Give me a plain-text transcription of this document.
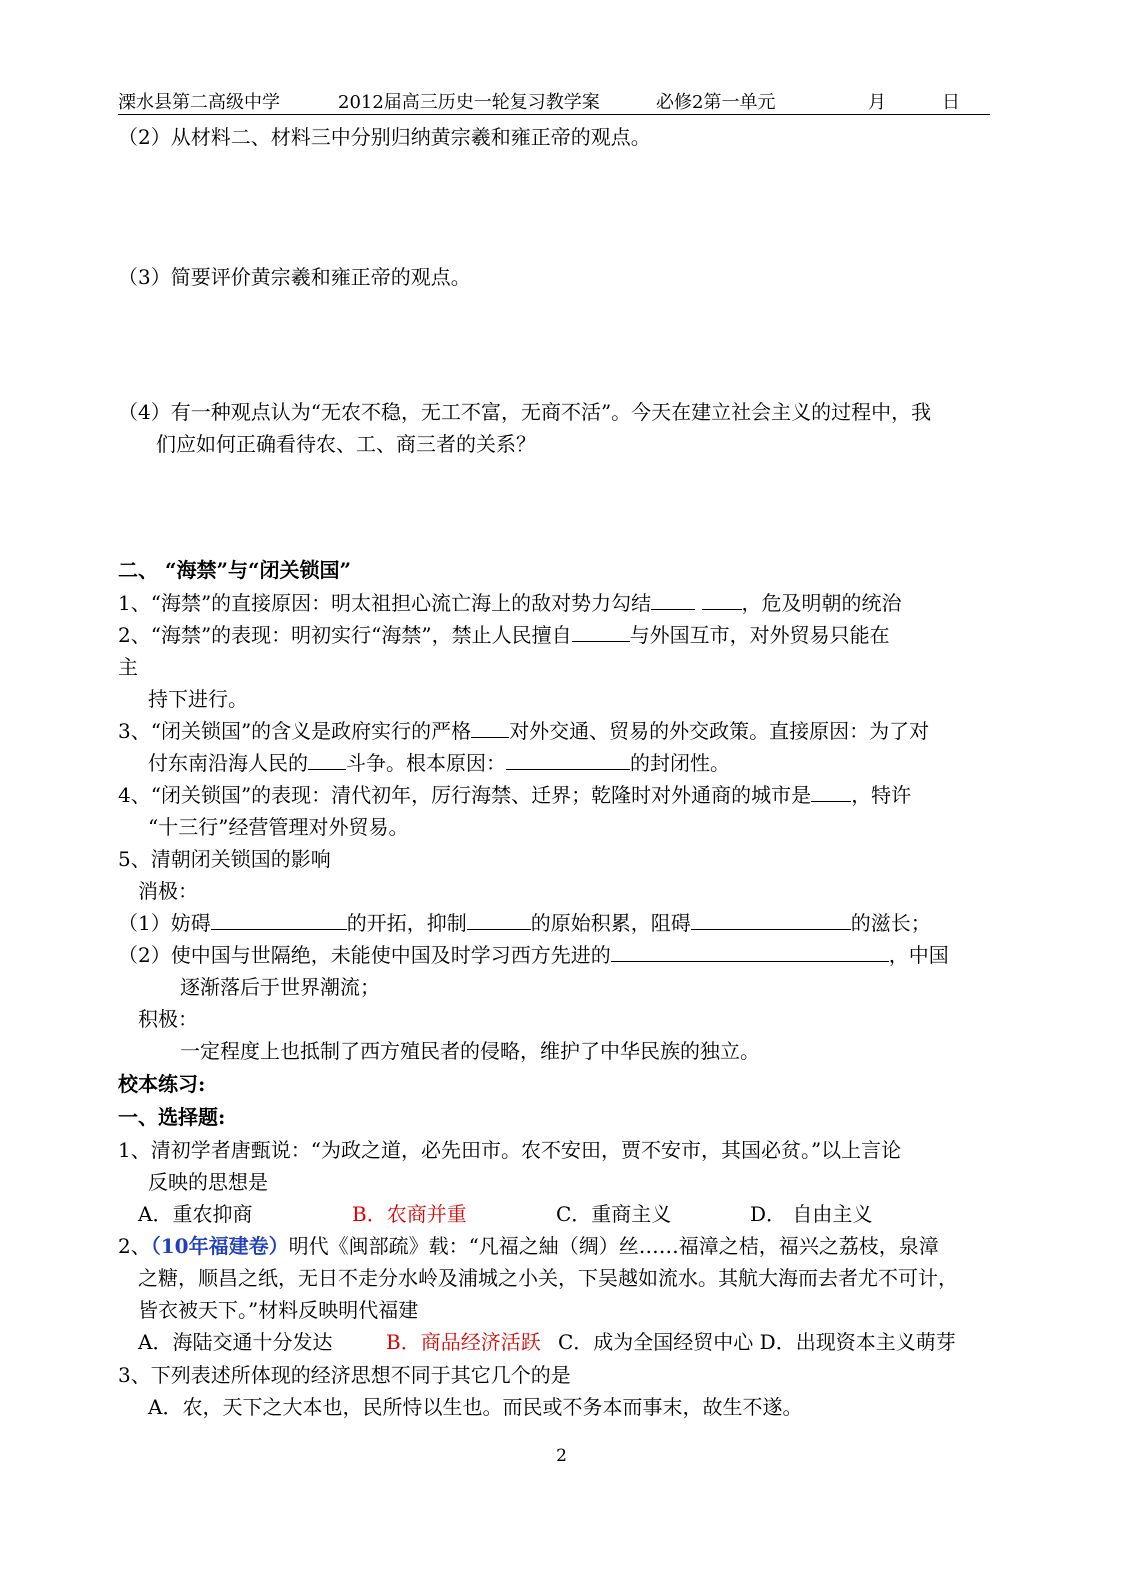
溧水县第二高级中学	2012届高三历史一轮复习教学案	必修2第一单元	月	日
（2）从材料二、材料三中分别归纳黄宗羲和雍正帝的观点。
（3）简要评价黄宗羲和雍正帝的观点。
（4）有一种观点认为“无农不稳，无工不富，无商不活”。今天在建立社会主义的过程中，我
们应如何正确看待农、工、商三者的关系？
二、 “海禁”与“闭关锁国”
1、“海禁”的直接原因：明太祖担心流亡海上的敌对势力勾结	，危及明朝的统治
2、“海禁”的表现：明初实行“海禁”，禁止人民擅自	与外国互市，对外贸易只能在
主
持下进行。
3、“闭关锁国”的含义是政府实行的严格 对外交通、贸易的外交政策。直接原因：为了对
付东南沿海人民的 斗争。根本原因：	的封闭性。
4、“闭关锁国”的表现：清代初年，厉行海禁、迁界；乾隆时对外通商的城市是 ，特许
“十三行”经营管理对外贸易。
5、清朝闭关锁国的影响
消极：
（1）妨碍	的开拓，抑制	的原始积累，阻碍	的滋长；
（2）使中国与世隔绝，未能使中国及时学习西方先进的	，中国
逐渐落后于世界潮流；
积极：
一定程度上也抵制了西方殖民者的侵略，维护了中华民族的独立。
校本练习:
一、选择题:
1、清初学者唐甄说：“为政之道，必先田市。农不安田，贾不安市，其国必贫。”以上言论
反映的思想是
A．重农抑商	B．农商并重	C．重商主义	D． 自由主义
2、（10年福建卷）明代《闽部疏》载：“凡福之紬（绸）丝……福漳之桔，福兴之荔枝，泉漳
之糖，顺昌之纸，无日不走分水岭及浦城之小关，下吴越如流水。其航大海而去者尤不可计，
皆衣被天下。”材料反映明代福建
A．海陆交通十分发达	B．商品经济活跃 C．成为全国经贸中心 D．出现资本主义萌芽
3、下列表述所体现的经济思想不同于其它几个的是
A．农，天下之大本也，民所恃以生也。而民或不务本而事末，故生不遂。
2
